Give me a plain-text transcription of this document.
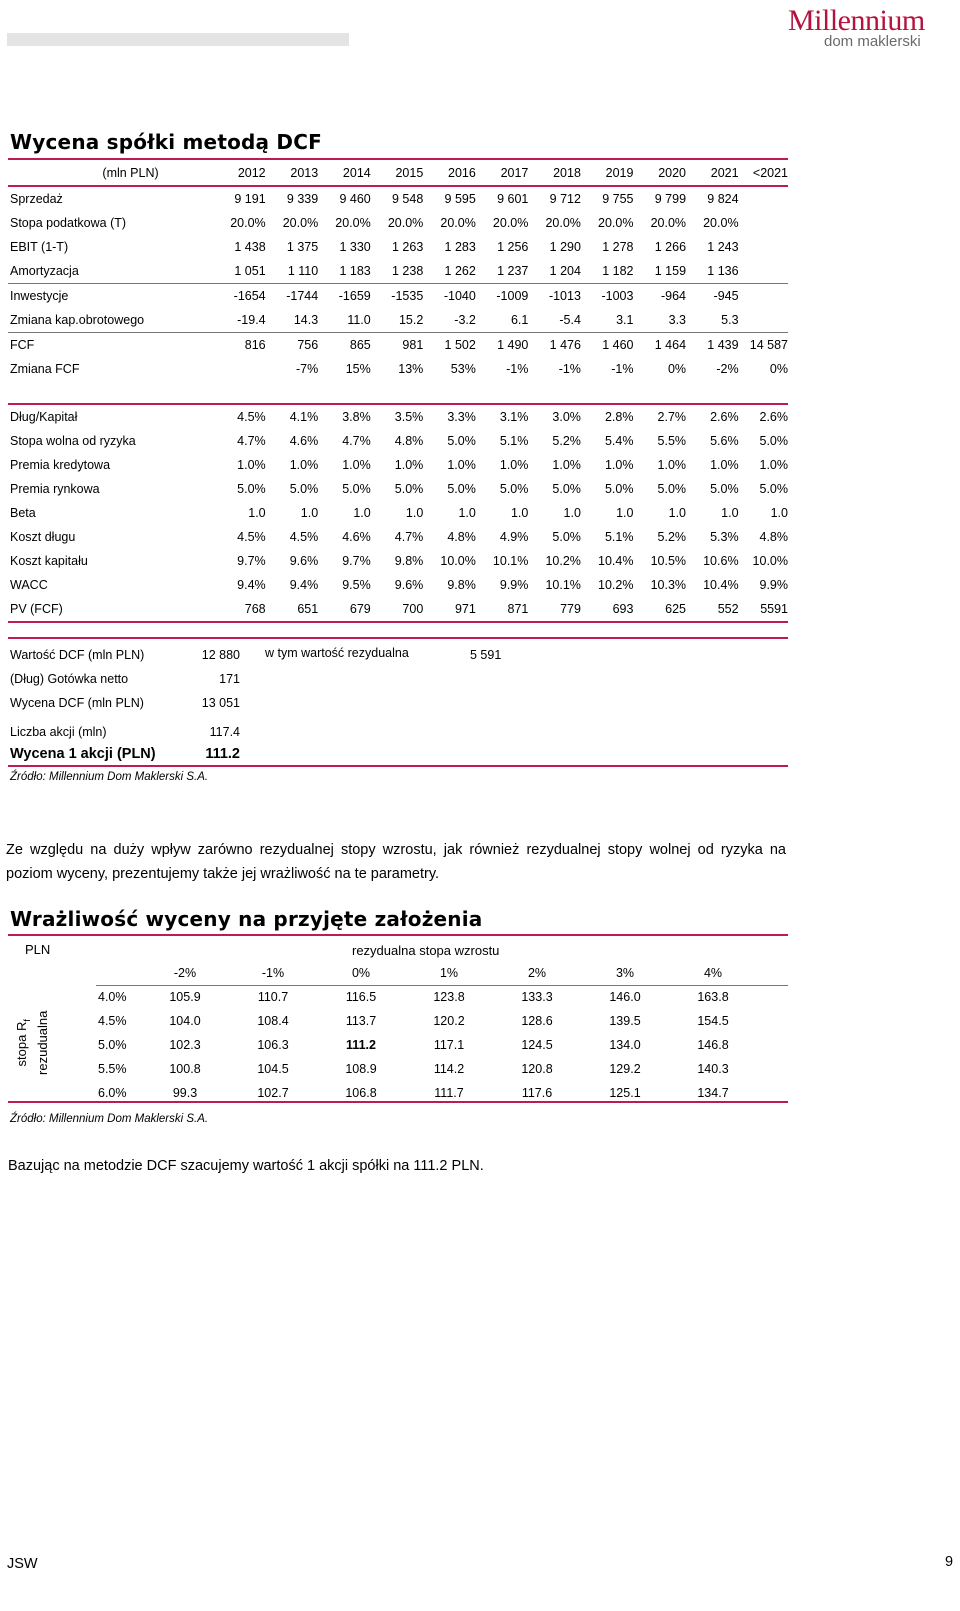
Millennium
dom maklerski
Wycena spółki metodą DCF
(mln PLN)	2012	2013	2014	2015	2016	2017	2018	2019	2020	2021	<2021
Sprzedaż	9 191	9 339	9 460	9 548	9 595	9 601	9 712	9 755	9 799	9 824	
Stopa podatkowa (T)	20.0%	20.0%	20.0%	20.0%	20.0%	20.0%	20.0%	20.0%	20.0%	20.0%	
EBIT (1-T)	1 438	1 375	1 330	1 263	1 283	1 256	1 290	1 278	1 266	1 243	
Amortyzacja	1 051	1 110	1 183	1 238	1 262	1 237	1 204	1 182	1 159	1 136	
Inwestycje	-1654	-1744	-1659	-1535	-1040	-1009	-1013	-1003	-964	-945	
Zmiana kap.obrotowego	-19.4	14.3	11.0	15.2	-3.2	6.1	-5.4	3.1	3.3	5.3	
FCF	816	756	865	981	1 502	1 490	1 476	1 460	1 464	1 439	14 587
Zmiana FCF		-7%	15%	13%	53%	-1%	-1%	-1%	0%	-2%	0%

Dług/Kapitał	4.5%	4.1%	3.8%	3.5%	3.3%	3.1%	3.0%	2.8%	2.7%	2.6%	2.6%
Stopa wolna od ryzyka	4.7%	4.6%	4.7%	4.8%	5.0%	5.1%	5.2%	5.4%	5.5%	5.6%	5.0%
Premia kredytowa	1.0%	1.0%	1.0%	1.0%	1.0%	1.0%	1.0%	1.0%	1.0%	1.0%	1.0%
Premia rynkowa	5.0%	5.0%	5.0%	5.0%	5.0%	5.0%	5.0%	5.0%	5.0%	5.0%	5.0%
Beta	1.0	1.0	1.0	1.0	1.0	1.0	1.0	1.0	1.0	1.0	1.0
Koszt długu	4.5%	4.5%	4.6%	4.7%	4.8%	4.9%	5.0%	5.1%	5.2%	5.3%	4.8%
Koszt kapitału	9.7%	9.6%	9.7%	9.8%	10.0%	10.1%	10.2%	10.4%	10.5%	10.6%	10.0%
WACC	9.4%	9.4%	9.5%	9.6%	9.8%	9.9%	10.1%	10.2%	10.3%	10.4%	9.9%
PV (FCF)	768	651	679	700	971	871	779	693	625	552	5591
Wartość DCF (mln PLN)	12 880 w tym wartość rezydualna	5 591
(Dług) Gotówka netto	171
Wycena DCF (mln PLN)	13 051
Liczba akcji (mln)	117.4
Wycena 1 akcji (PLN)	111.2
Źródło: Millennium Dom Maklerski S.A.
Ze względu na duży wpływ zarówno rezydualnej stopy wzrostu, jak również rezydualnej stopy wolnej od ryzyka na poziom wyceny, prezentujemy także jej wrażliwość na te parametry.
Wrażliwość wyceny na przyjęte założenia
PLN	rezydualna stopa wzrostu
-2%	-1%	0%	1%	2%	3%	4%
4.0%	105.9	110.7	116.5	123.8	133.3	146.0	163.8
4.5%	104.0	108.4	113.7	120.2	128.6	139.5	154.5
5.0%	102.3	106.3	111.2	117.1	124.5	134.0	146.8
5.5%	100.8	104.5	108.9	114.2	120.8	129.2	140.3
6.0%	99.3	102.7	106.8	111.7	117.6	125.1	134.7
stopa $R_f$ rezudualna
Źródło: Millennium Dom Maklerski S.A.
Bazując na metodzie DCF szacujemy wartość 1 akcji spółki na 111.2 PLN.
JSW	9
